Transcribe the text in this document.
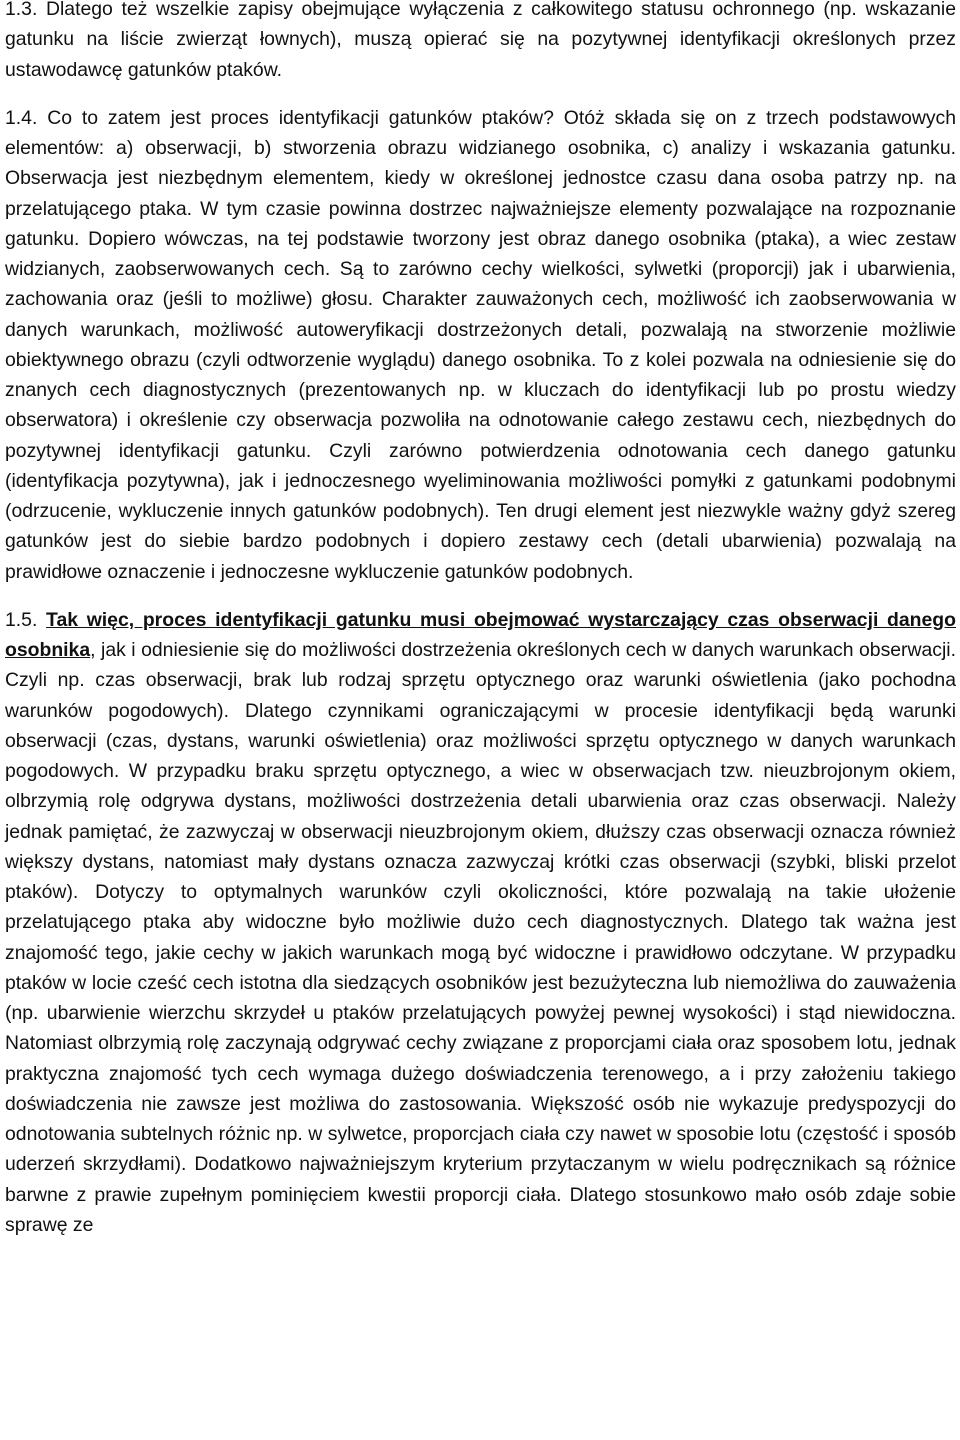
1.3. Dlatego też wszelkie zapisy obejmujące wyłączenia z całkowitego statusu ochronnego (np. wskazanie gatunku na liście zwierząt łownych), muszą opierać się na pozytywnej identyfikacji określonych przez ustawodawcę gatunków ptaków.

1.4. Co to zatem jest proces identyfikacji gatunków ptaków? Otóż składa się on z trzech podstawowych elementów: a) obserwacji, b) stworzenia obrazu widzianego osobnika, c) analizy i wskazania gatunku. Obserwacja jest niezbędnym elementem, kiedy w określonej jednostce czasu dana osoba patrzy np. na przelatującego ptaka. W tym czasie powinna dostrzec najważniejsze elementy pozwalające na rozpoznanie gatunku. Dopiero wówczas, na tej podstawie tworzony jest obraz danego osobnika (ptaka), a wiec zestaw widzianych, zaobserwowanych cech. Są to zarówno cechy wielkości, sylwetki (proporcji) jak i ubarwienia, zachowania oraz (jeśli to możliwe) głosu. Charakter zauważonych cech, możliwość ich zaobserwowania w danych warunkach, możliwość autoweryfikacji dostrzeżonych detali, pozwalają na stworzenie możliwie obiektywnego obrazu (czyli odtworzenie wyglądu) danego osobnika. To z kolei pozwala na odniesienie się do znanych cech diagnostycznych (prezentowanych np. w kluczach do identyfikacji lub po prostu wiedzy obserwatora) i określenie czy obserwacja pozwoliła na odnotowanie całego zestawu cech, niezbędnych do pozytywnej identyfikacji gatunku. Czyli zarówno potwierdzenia odnotowania cech danego gatunku (identyfikacja pozytywna), jak i jednoczesnego wyeliminowania możliwości pomyłki z gatunkami podobnymi (odrzucenie, wykluczenie innych gatunków podobnych). Ten drugi element jest niezwykle ważny gdyż szereg gatunków jest do siebie bardzo podobnych i dopiero zestawy cech (detali ubarwienia) pozwalają na prawidłowe oznaczenie i jednoczesne wykluczenie gatunków podobnych.

1.5. Tak więc, proces identyfikacji gatunku musi obejmować wystarczający czas obserwacji danego osobnika, jak i odniesienie się do możliwości dostrzeżenia określonych cech w danych warunkach obserwacji. Czyli np. czas obserwacji, brak lub rodzaj sprzętu optycznego oraz warunki oświetlenia (jako pochodna warunków pogodowych). Dlatego czynnikami ograniczającymi w procesie identyfikacji będą warunki obserwacji (czas, dystans, warunki oświetlenia) oraz możliwości sprzętu optycznego w danych warunkach pogodowych. W przypadku braku sprzętu optycznego, a wiec w obserwacjach tzw. nieuzbrojonym okiem, olbrzymią rolę odgrywa dystans, możliwości dostrzeżenia detali ubarwienia oraz czas obserwacji. Należy jednak pamiętać, że zazwyczaj w obserwacji nieuzbrojonym okiem, dłuższy czas obserwacji oznacza również większy dystans, natomiast mały dystans oznacza zazwyczaj krótki czas obserwacji (szybki, bliski przelot ptaków). Dotyczy to optymalnych warunków czyli okoliczności, które pozwalają na takie ułożenie przelatującego ptaka aby widoczne było możliwie dużo cech diagnostycznych. Dlatego tak ważna jest znajomość tego, jakie cechy w jakich warunkach mogą być widoczne i prawidłowo odczytane. W przypadku ptaków w locie cześć cech istotna dla siedzących osobników jest bezużyteczna lub niemożliwa do zauważenia (np. ubarwienie wierzchu skrzydeł u ptaków przelatujących powyżej pewnej wysokości) i stąd niewidoczna. Natomiast olbrzymią rolę zaczynają odgrywać cechy związane z proporcjami ciała oraz sposobem lotu, jednak praktyczna znajomość tych cech wymaga dużego doświadczenia terenowego, a i przy założeniu takiego doświadczenia nie zawsze jest możliwa do zastosowania. Większość osób nie wykazuje predyspozycji do odnotowania subtelnych różnic np. w sylwetce, proporcjach ciała czy nawet w sposobie lotu (częstość i sposób uderzeń skrzydłami). Dodatkowo najważniejszym kryterium przytaczanym w wielu podręcznikach są różnice barwne z prawie zupełnym pominięciem kwestii proporcji ciała. Dlatego stosunkowo mało osób zdaje sobie sprawę ze
